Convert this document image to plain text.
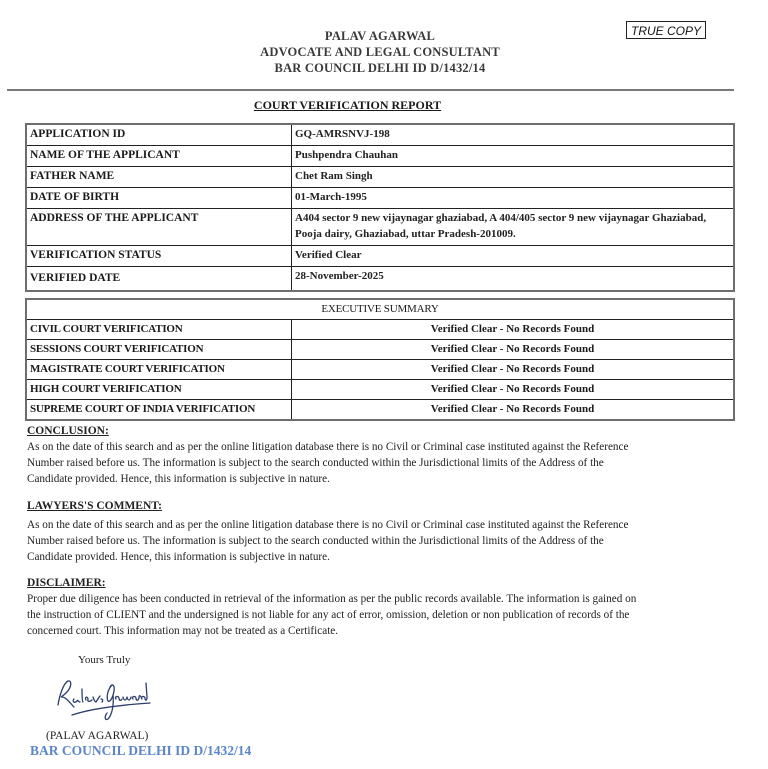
PALAV AGARWAL
ADVOCATE AND LEGAL CONSULTANT
BAR COUNCIL DELHI ID D/1432/14
TRUE COPY
COURT VERIFICATION REPORT
APPLICATION ID	GQ-AMRSNVJ-198
NAME OF THE APPLICANT	Pushpendra Chauhan
FATHER NAME	Chet Ram Singh
DATE OF BIRTH	01-March-1995
ADDRESS OF THE APPLICANT	A404 sector 9 new vijaynagar ghaziabad, A 404/405 sector 9 new vijaynagar Ghaziabad, Pooja dairy, Ghaziabad, uttar Pradesh-201009.
VERIFICATION STATUS	Verified Clear
VERIFIED DATE	28-November-2025
EXECUTIVE SUMMARY	
CIVIL COURT VERIFICATION	Verified Clear - No Records Found
SESSIONS COURT VERIFICATION	Verified Clear - No Records Found
MAGISTRATE COURT VERIFICATION	Verified Clear - No Records Found
HIGH COURT VERIFICATION	Verified Clear - No Records Found
SUPREME COURT OF INDIA VERIFICATION	Verified Clear - No Records Found
CONCLUSION:
As on the date of this search and as per the online litigation database there is no Civil or Criminal case instituted against the Reference
Number raised before us. The information is subject to the search conducted within the Jurisdictional limits of the Address of the
Candidate provided. Hence, this information is subjective in nature.
LAWYERS'S COMMENT:
As on the date of this search and as per the online litigation database there is no Civil or Criminal case instituted against the Reference
Number raised before us. The information is subject to the search conducted within the Jurisdictional limits of the Address of the
Candidate provided. Hence, this information is subjective in nature.
DISCLAIMER:
Proper due diligence has been conducted in retrieval of the information as per the public records available. The information is gained on
the instruction of CLIENT and the undersigned is not liable for any act of error, omission, deletion or non publication of records of the
concerned court. This information may not be treated as a Certificate.
Yours Truly
(PALAV AGARWAL)
BAR COUNCIL DELHI ID D/1432/14
